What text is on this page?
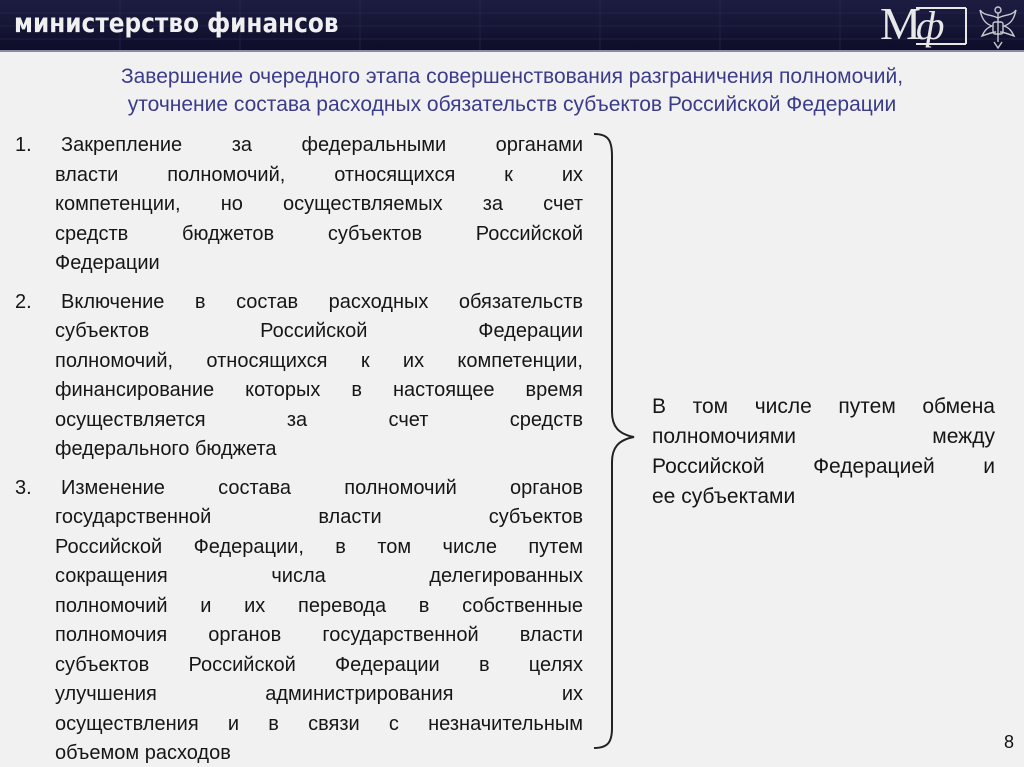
министерство финансов	М
ф
Завершение очередного этапа совершенствования разграничения полномочий,
уточнение состава расходных обязательств субъектов Российской Федерации
1.	Закрепление за федеральными органами
власти полномочий, относящихся к их
компетенции, но осуществляемых за счет
средств бюджетов субъектов Российской
Федерации
2.	Включение в состав расходных обязательств
субъектов Российской Федерации
полномочий, относящихся к их компетенции,
финансирование которых в настоящее время
осуществляется за счет средств
федерального бюджета
3.	Изменение состава полномочий органов
государственной власти субъектов
Российской Федерации, в том числе путем
сокращения числа делегированных
полномочий и их перевода в собственные
полномочия органов государственной власти
субъектов Российской Федерации в целях
улучшения администрирования их
осуществления и в связи с незначительным
объемом расходов
В том числе путем обмена
полномочиями между
Российской Федерацией и
ее субъектами
8
